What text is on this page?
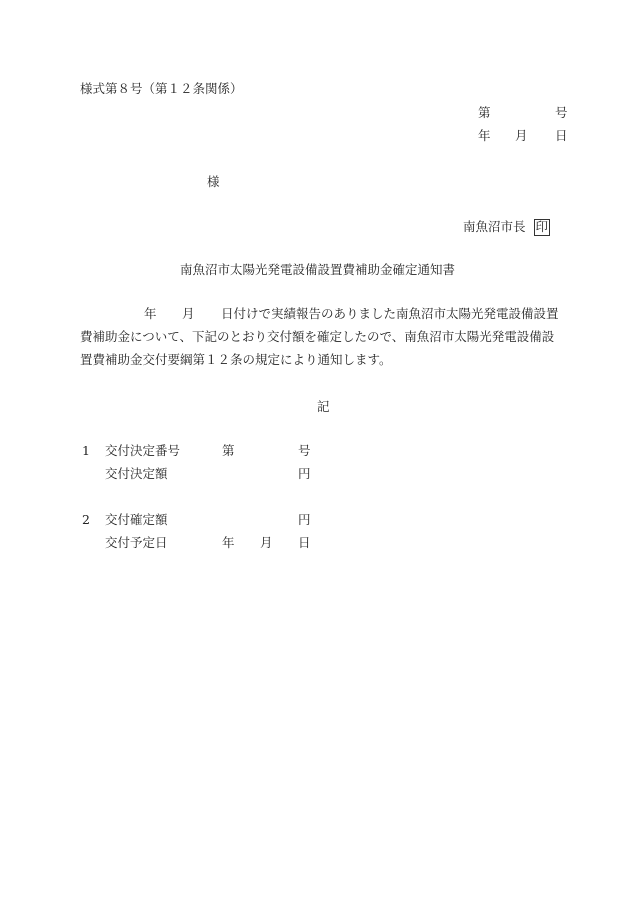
様式第８号（第１２条関係）
第	号
年 月 日
様
南魚沼市長 印
南魚沼市太陽光発電設備設置費補助金確定通知書
年 月 日付けで実績報告のありました南魚沼市太陽光発電設備設置
費補助金について、下記のとおり交付額を確定したので、南魚沼市太陽光発電設備設
置費補助金交付要綱第１２条の規定により通知します。
記
1 交付決定番号	第	号
交付決定額	円
2 交付確定額	円
交付予定日	年 月 日
